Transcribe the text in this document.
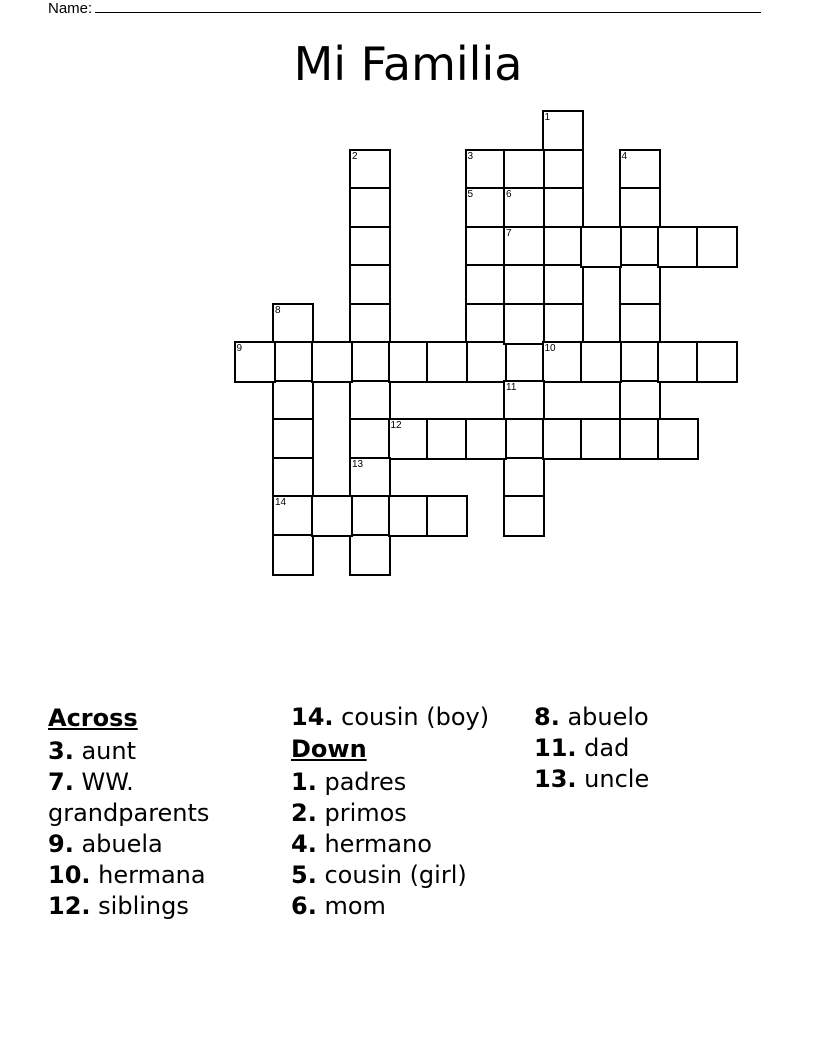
Name:
Mi Familia
1
2	3	4
5	6
7
8
14
9	10
11
12
13
Across
3. aunt
7. WW. grandparents
9. abuela
10. hermana
12. siblings
14. cousin (boy)
Down
1. padres
2. primos
4. hermano
5. cousin (girl)
6. mom
8. abuelo
11. dad
13. uncle
